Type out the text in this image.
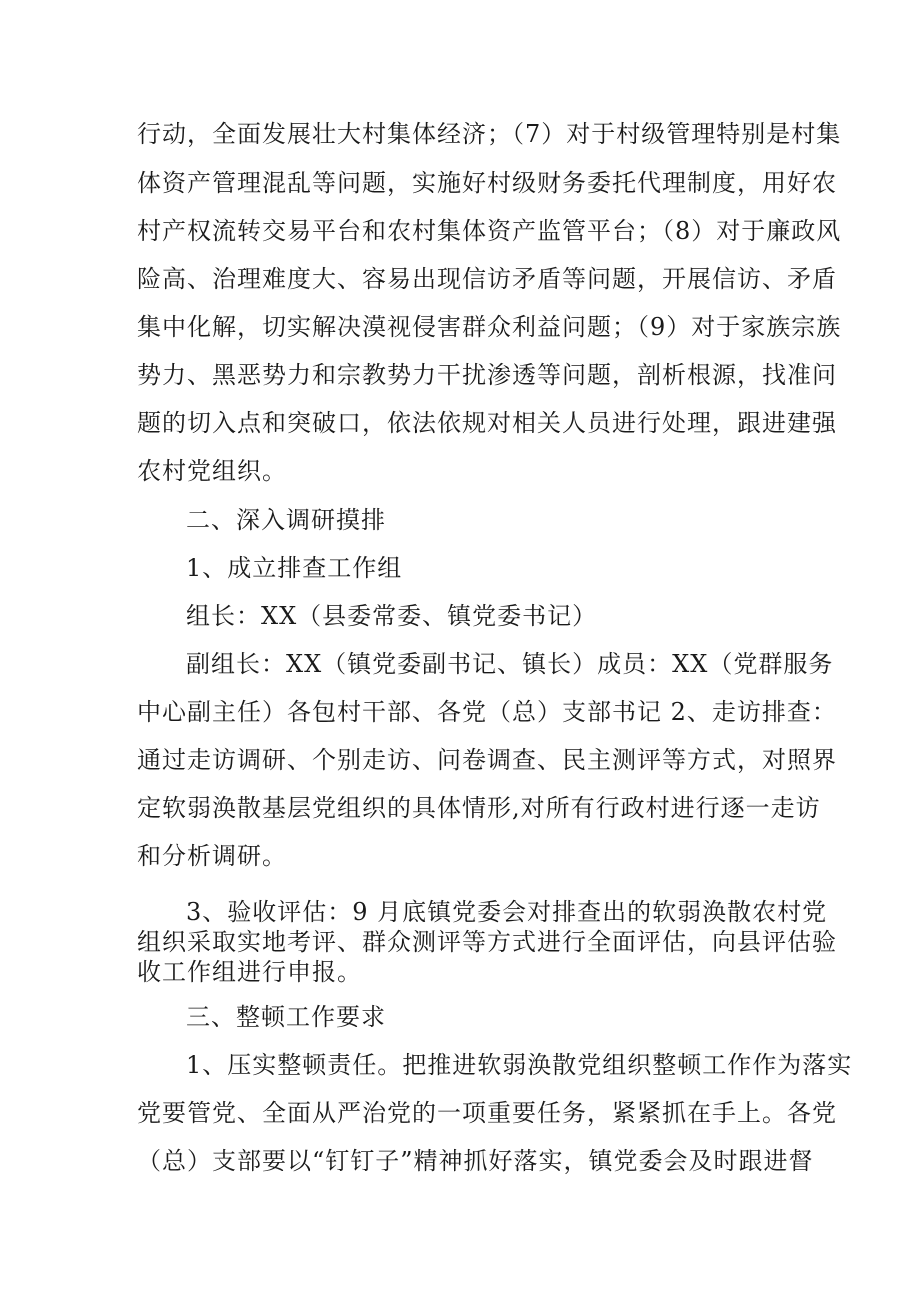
行动，全面发展壮大村集体经济；（7）对于村级管理特别是村集
体资产管理混乱等问题，实施好村级财务委托代理制度，用好农
村产权流转交易平台和农村集体资产监管平台；（8）对于廉政风
险高、治理难度大、容易出现信访矛盾等问题，开展信访、矛盾
集中化解，切实解决漠视侵害群众利益问题；（9）对于家族宗族
势力、黑恶势力和宗教势力干扰渗透等问题，剖析根源，找准问
题的切入点和突破口，依法依规对相关人员进行处理，跟进建强
农村党组织。
二、深入调研摸排
1、成立排查工作组
组长：XX（县委常委、镇党委书记）
副组长：XX（镇党委副书记、镇长）成员：XX（党群服务
中心副主任）各包村干部、各党（总）支部书记 2、走访排查：
通过走访调研、个别走访、问卷调查、民主测评等方式，对照界
定软弱涣散基层党组织的具体情形,对所有行政村进行逐一走访
和分析调研。
3、验收评估：9 月底镇党委会对排查出的软弱涣散农村党
组织采取实地考评、群众测评等方式进行全面评估，向县评估验
收工作组进行申报。
三、整顿工作要求
1、压实整顿责任。把推进软弱涣散党组织整顿工作作为落实
党要管党、全面从严治党的一项重要任务，紧紧抓在手上。各党
（总）支部要以“钉钉子”精神抓好落实，镇党委会及时跟进督
